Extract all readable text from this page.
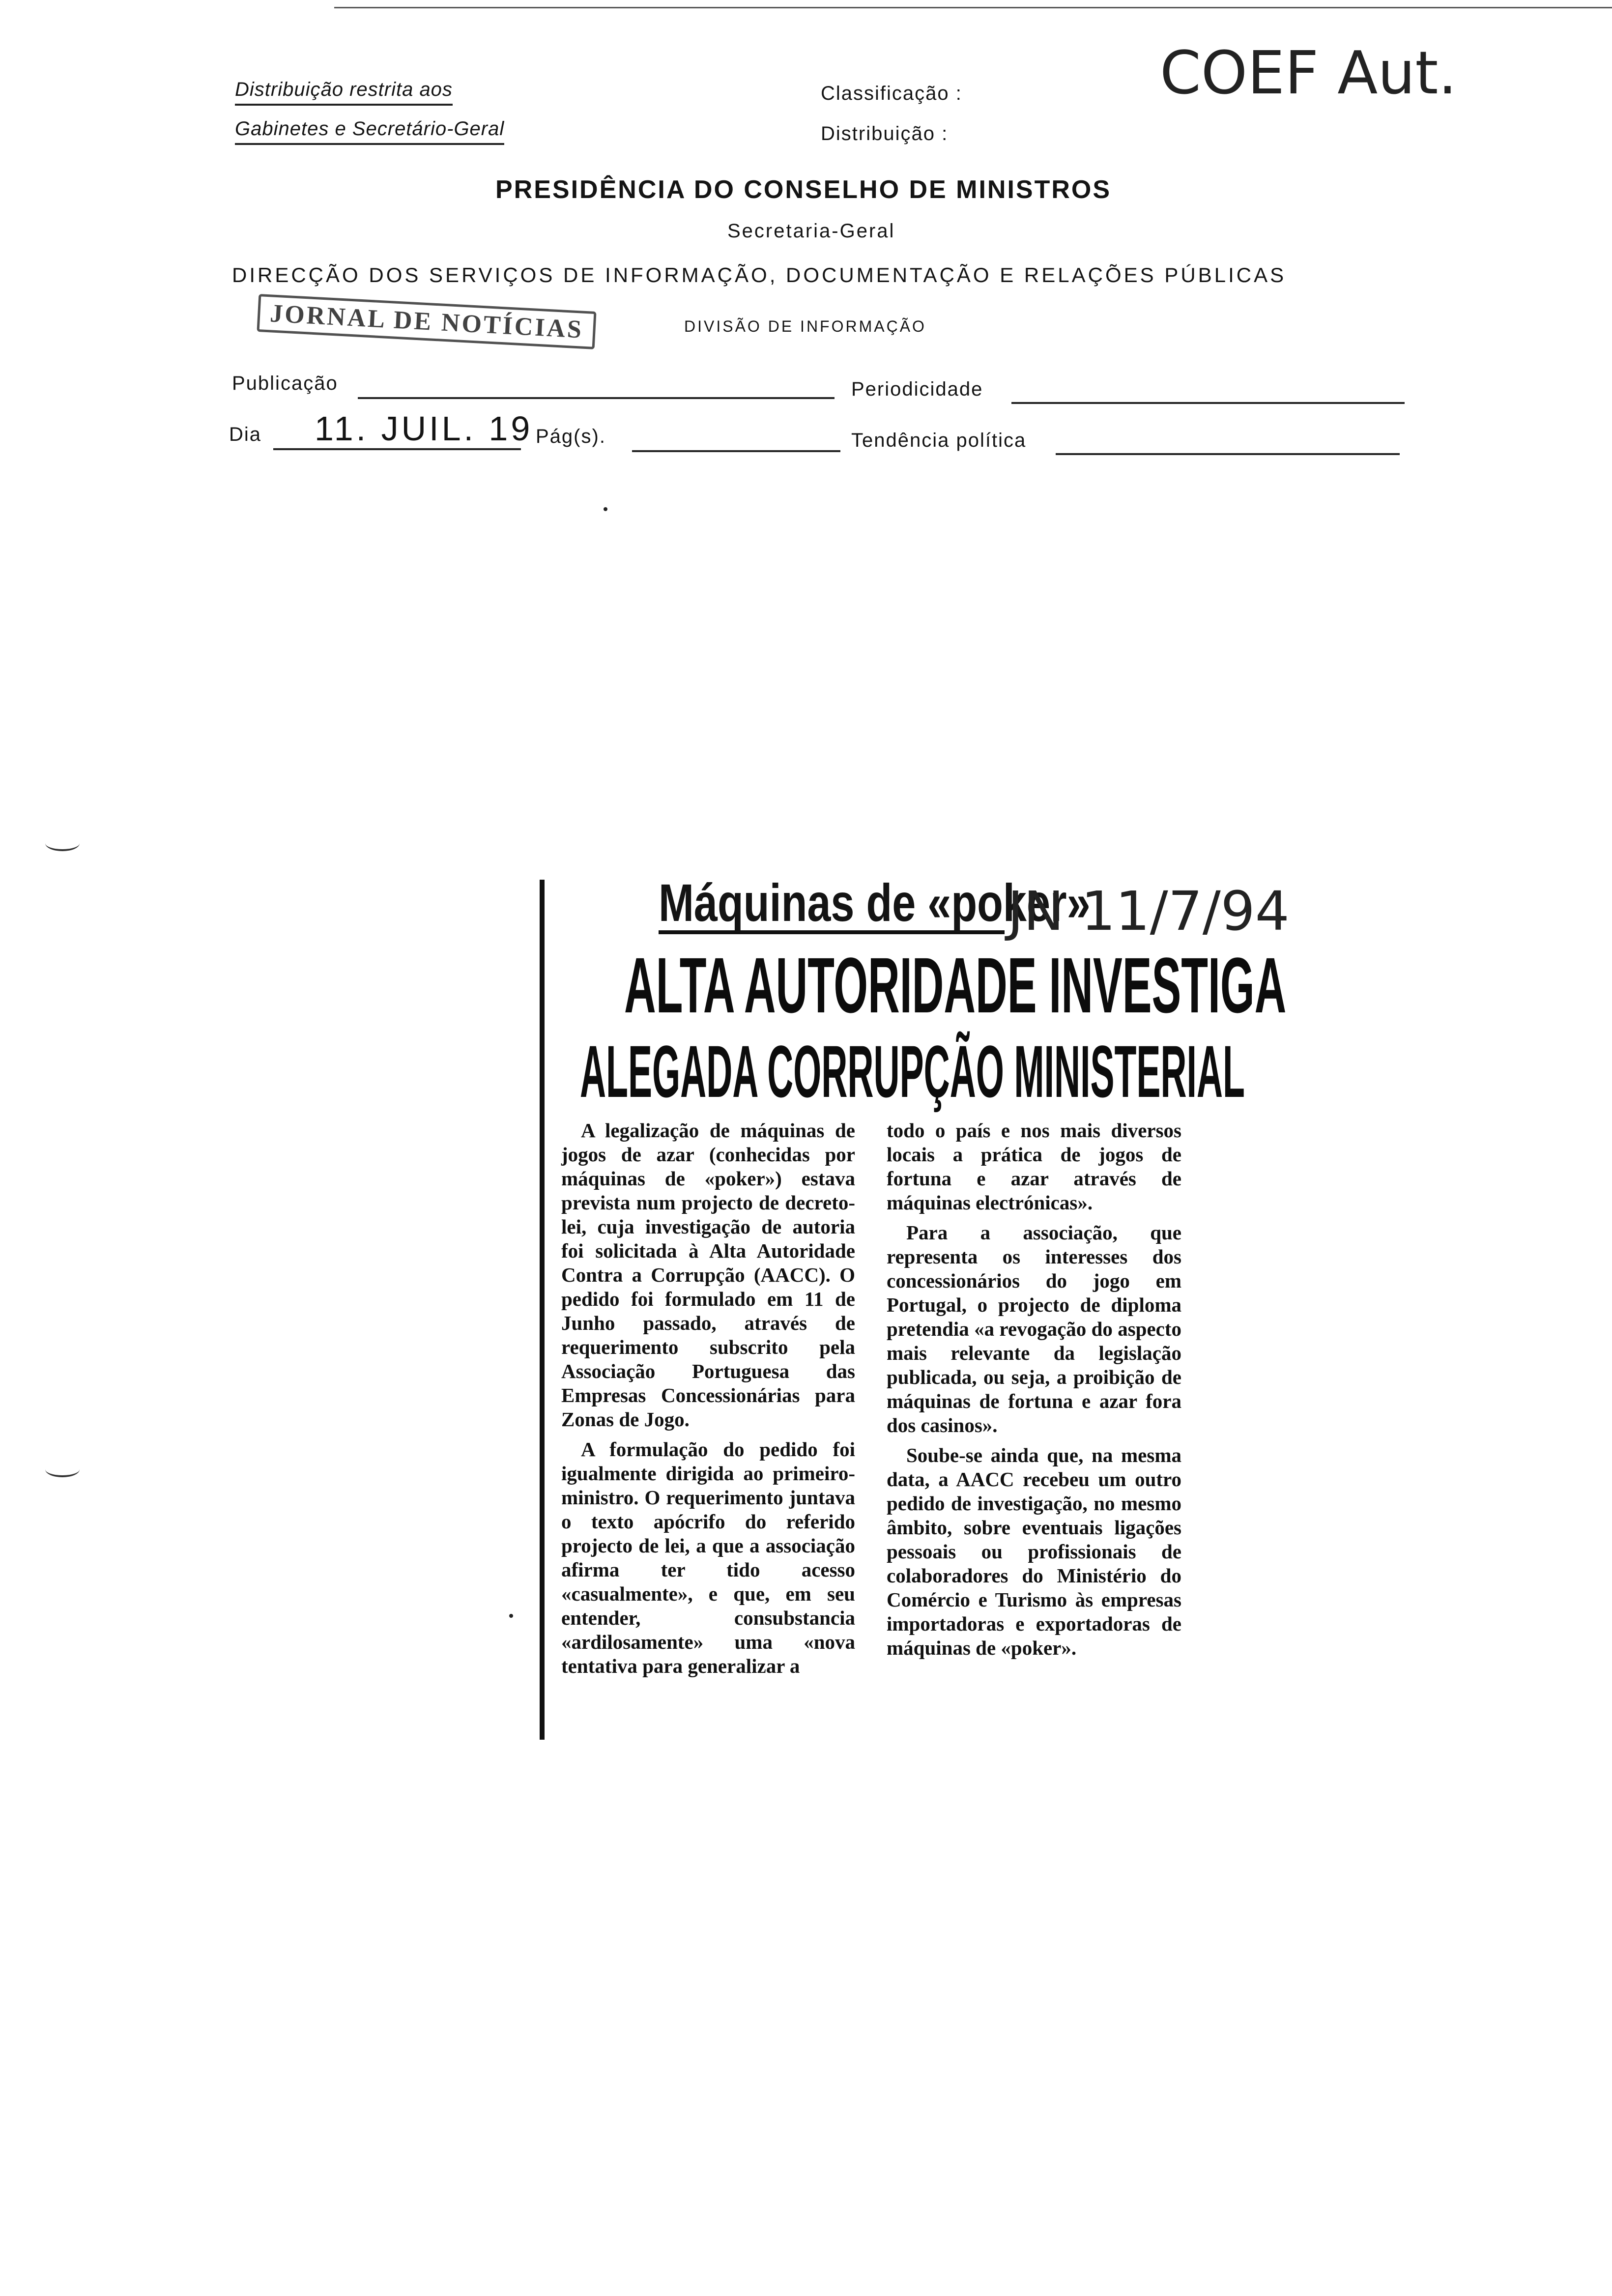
Distribuição restrita aos
Gabinetes e Secretário-Geral
Classificação :
Distribuição :
COEF Aut.
PRESIDÊNCIA DO CONSELHO DE MINISTROS
Secretaria-Geral
DIRECÇÃO DOS SERVIÇOS DE INFORMAÇÃO, DOCUMENTAÇÃO E RELAÇÕES PÚBLICAS
JORNAL DE NOTÍCIAS	DIVISÃO DE INFORMAÇÃO
Publicação	Periodicidade
Dia 11. JUIL. 19 Pág(s).	Tendência política
Máquinas de «poker»
JN 11/7/94
ALTA AUTORIDADE INVESTIGA
ALEGADA CORRUPÇÃO MINISTERIAL

A legalização de máquinas de jogos de azar (conhecidas por máquinas de «poker») estava prevista num projecto de decreto-lei, cuja investigação de autoria foi solicitada à Alta Autoridade Contra a Corrupção (AACC). O pedido foi formulado em 11 de Junho passado, através de requerimento subscrito pela Associação Portuguesa das Empresas Concessionárias para Zonas de Jogo.

A formulação do pedido foi igualmente dirigida ao primeiro-ministro. O requerimento juntava o texto apócrifo do referido projecto de lei, a que a associação afirma ter tido acesso «casualmente», e que, em seu entender, consubstancia «ardilosamente» uma «nova tentativa para generalizar a

todo o país e nos mais diversos locais a prática de jogos de fortuna e azar através de máquinas electrónicas».

Para a associação, que representa os interesses dos concessionários do jogo em Portugal, o projecto de diploma pretendia «a revogação do aspecto mais relevante da legislação publicada, ou seja, a proibição de máquinas de fortuna e azar fora dos casinos».

Soube-se ainda que, na mesma data, a AACC recebeu um outro pedido de investigação, no mesmo âmbito, sobre eventuais ligações pessoais ou profissionais de colaboradores do Ministério do Comércio e Turismo às empresas importadoras e exportadoras de máquinas de «poker».
